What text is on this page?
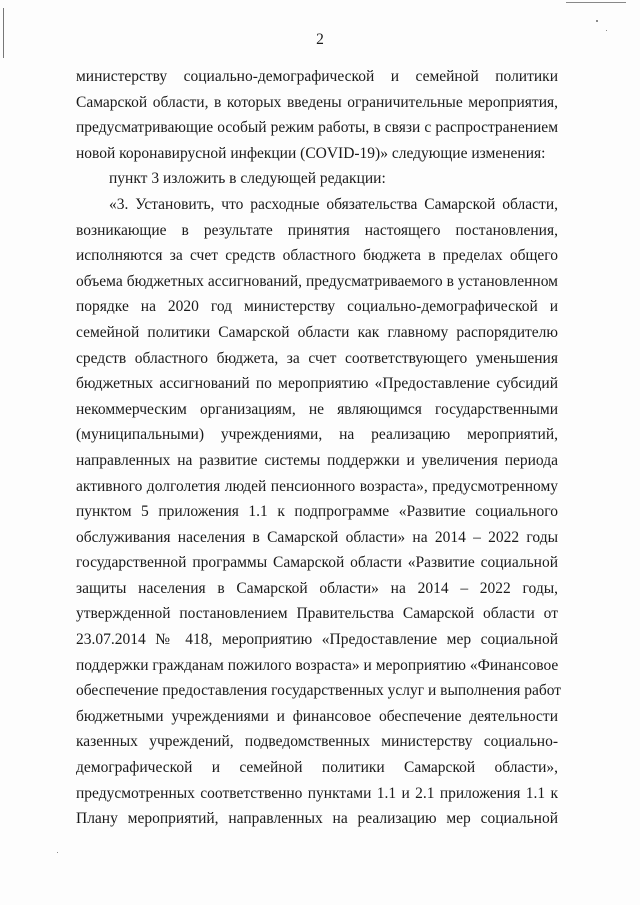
2
министерству социально-демографической и семейной политики
Самарской области, в которых введены ограничительные мероприятия,
предусматривающие особый режим работы, в связи с распространением
новой коронавирусной инфекции (COVID-19)» следующие изменения:
пункт 3 изложить в следующей редакции:
«3. Установить, что расходные обязательства Самарской области,
возникающие в результате принятия настоящего постановления,
исполняются за счет средств областного бюджета в пределах общего
объема бюджетных ассигнований, предусматриваемого в установленном
порядке на 2020 год министерству социально-демографической и
семейной политики Самарской области как главному распорядителю
средств областного бюджета, за счет соответствующего уменьшения
бюджетных ассигнований по мероприятию «Предоставление субсидий
некоммерческим организациям, не являющимся государственными
(муниципальными) учреждениями, на реализацию мероприятий,
направленных на развитие системы поддержки и увеличения периода
активного долголетия людей пенсионного возраста», предусмотренному
пунктом 5 приложения 1.1 к подпрограмме «Развитие социального
обслуживания населения в Самарской области» на 2014 – 2022 годы
государственной программы Самарской области «Развитие социальной
защиты населения в Самарской области» на 2014 – 2022 годы,
утвержденной постановлением Правительства Самарской области от
23.07.2014 № 418, мероприятию «Предоставление мер социальной
поддержки гражданам пожилого возраста» и мероприятию «Финансовое
обеспечение предоставления государственных услуг и выполнения работ
бюджетными учреждениями и финансовое обеспечение деятельности
казенных учреждений, подведомственных министерству социально-
демографической и семейной политики Самарской области»,
предусмотренных соответственно пунктами 1.1 и 2.1 приложения 1.1 к
Плану мероприятий, направленных на реализацию мер социальной
